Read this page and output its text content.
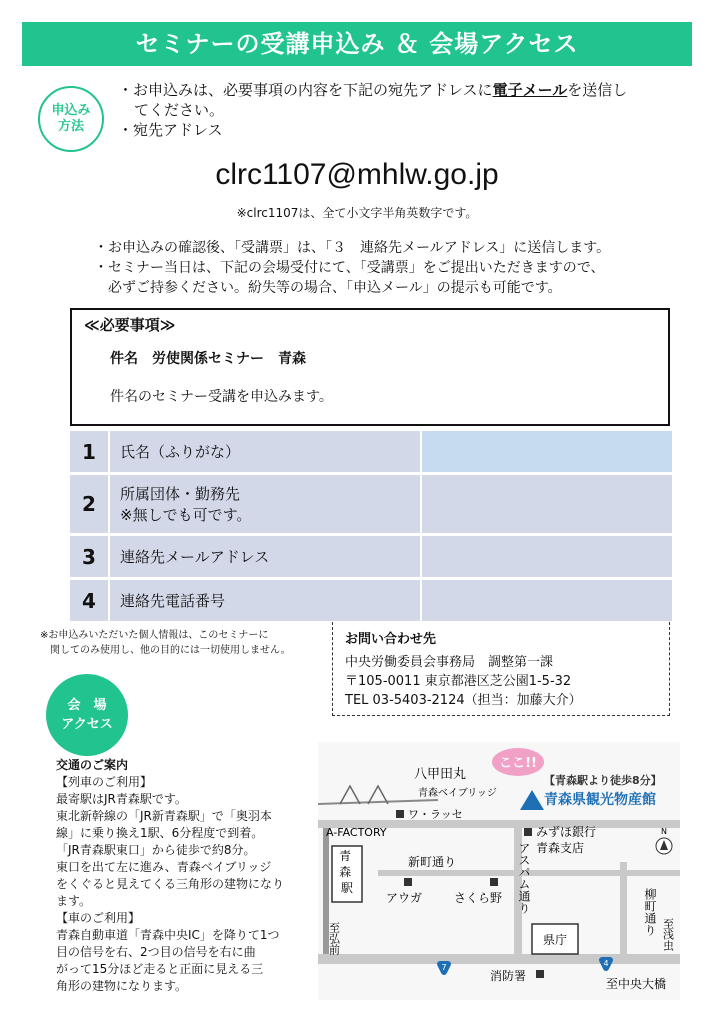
セミナーの受講申込み ＆ 会場アクセス
申込み
方法
・お申込みは、必要事項の内容を下記の宛先アドレスに電子メールを送信し
てください。
・宛先アドレス
clrc1107@mhlw.go.jp
※clrc1107は、全て小文字半角英数字です。
・お申込みの確認後、「受講票」は、「３　連絡先メールアドレス」に送信します。
・セミナー当日は、下記の会場受付にて、「受講票」をご提出いただきますので、
　必ずご持参ください。紛失等の場合、「申込メール」の提示も可能です。
≪必要事項≫
件名　労使関係セミナー　青森
件名のセミナー受講を申込みます。
1	氏名（ふりがな）	
2	所属団体・勤務先
※無しでも可です。	

3	連絡先メールアドレス	
4	連絡先電話番号	
※お申込みいただいた個人情報は、このセミナーに
　関してのみ使用し、他の目的には一切使用しません。
お問い合わせ先
中央労働委員会事務局　調整第一課
〒105-0011 東京都港区芝公園1-5-32
TEL 03-5403-2124（担当：加藤大介）
会　場
アクセス
交通のご案内
【列車のご利用】
最寄駅はJR青森駅です。
東北新幹線の「JR新青森駅」で「奥羽本
線」に乗り換え1駅、6分程度で到着。
「JR青森駅東口」から徒歩で約8分。
東口を出て左に進み、青森ベイブリッジ
をくぐると見えてくる三角形の建物になり
ます。
【車のご利用】
青森自動車道「青森中央IC」を降りて1つ
目の信号を右、2つ目の信号を右に曲
がって15分ほど走ると正面に見える三
角形の建物になります。
青 森 駅
ここ!!
7	4
N
八甲田丸
青森ベイブリッジ
A-FACTORY
ワ・ラッセ
【青森駅より徒歩8分】
青森県観光物産館
みずほ銀行
青森支店
新町通り
アウガ	さくら野 アスパム通り	柳町通り 至浅虫
至弘前	県庁
消防署
至中央大橋
